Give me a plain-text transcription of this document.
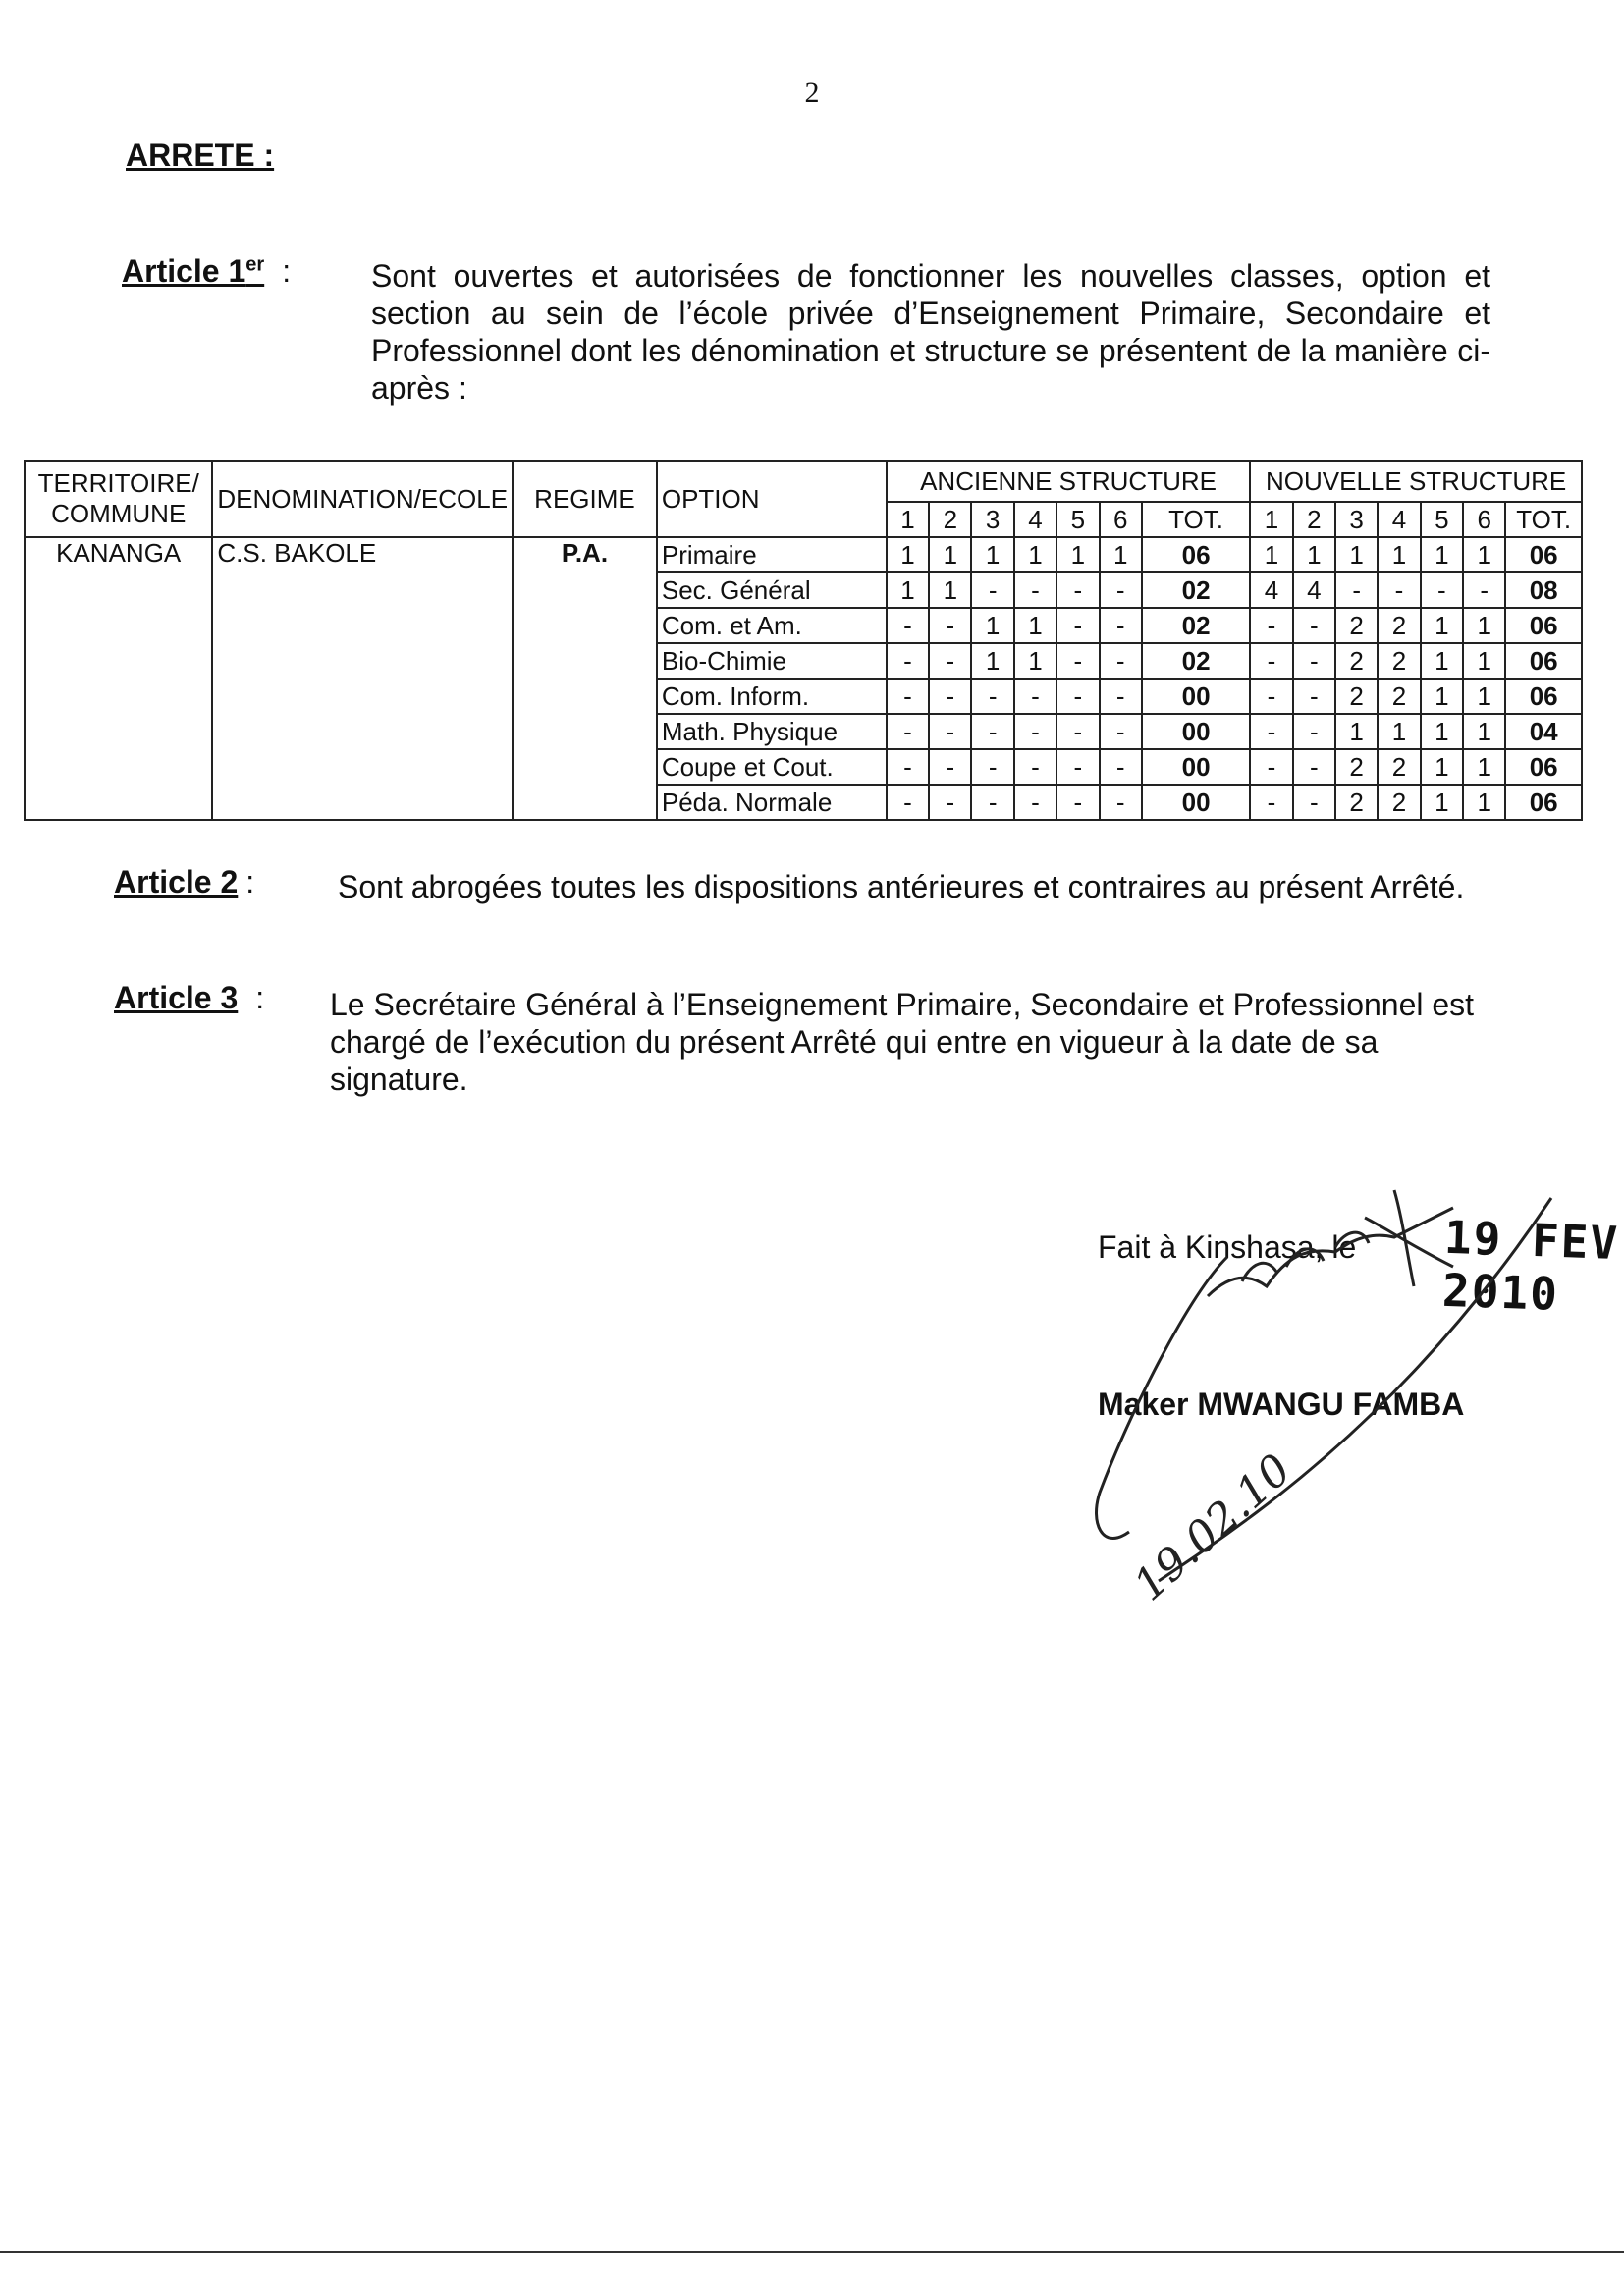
2
ARRETE :
Article 1er :	Sont ouvertes et autorisées de fonctionner les nouvelles classes, option et section au sein de l’école privée d’Enseignement Primaire, Secondaire et Professionnel dont les dénomination et structure se présentent de la manière ci-après :
TERRITOIRE/ COMMUNE	DENOMINATION/ECOLE	REGIME	OPTION	ANCIENNE STRUCTURE							NOUVELLE STRUCTURE						
				1	2	3	4	5	6	TOT.	1	2	3	4	5	6	TOT.
KANANGA	C.S. BAKOLE	P.A.	Primaire	1	1	1	1	1	1	06	1	1	1	1	1	1	06
			Sec. Général	1	1	-	-	-	-	02	4	4	-	-	-	-	08
			Com. et Am.	-	-	1	1	-	-	02	-	-	2	2	1	1	06
			Bio-Chimie	-	-	1	1	-	-	02	-	-	2	2	1	1	06
			Com. Inform.	-	-	-	-	-	-	00	-	-	2	2	1	1	06
			Math. Physique	-	-	-	-	-	-	00	-	-	1	1	1	1	04
			Coupe et Cout.	-	-	-	-	-	-	00	-	-	2	2	1	1	06
			Péda. Normale	-	-	-	-	-	-	00	-	-	2	2	1	1	06
Article 2 :	Sont abrogées toutes les dispositions antérieures et contraires au présent Arrêté.
Article 3 : Le Secrétaire Général à l’Enseignement Primaire, Secondaire et Professionnel est chargé de l’exécution du présent Arrêté qui entre en vigueur à la date de sa signature.
Fait à Kinshasa, le 19 FEV 2010
Maker MWANGU FAMBA
19.02.10
